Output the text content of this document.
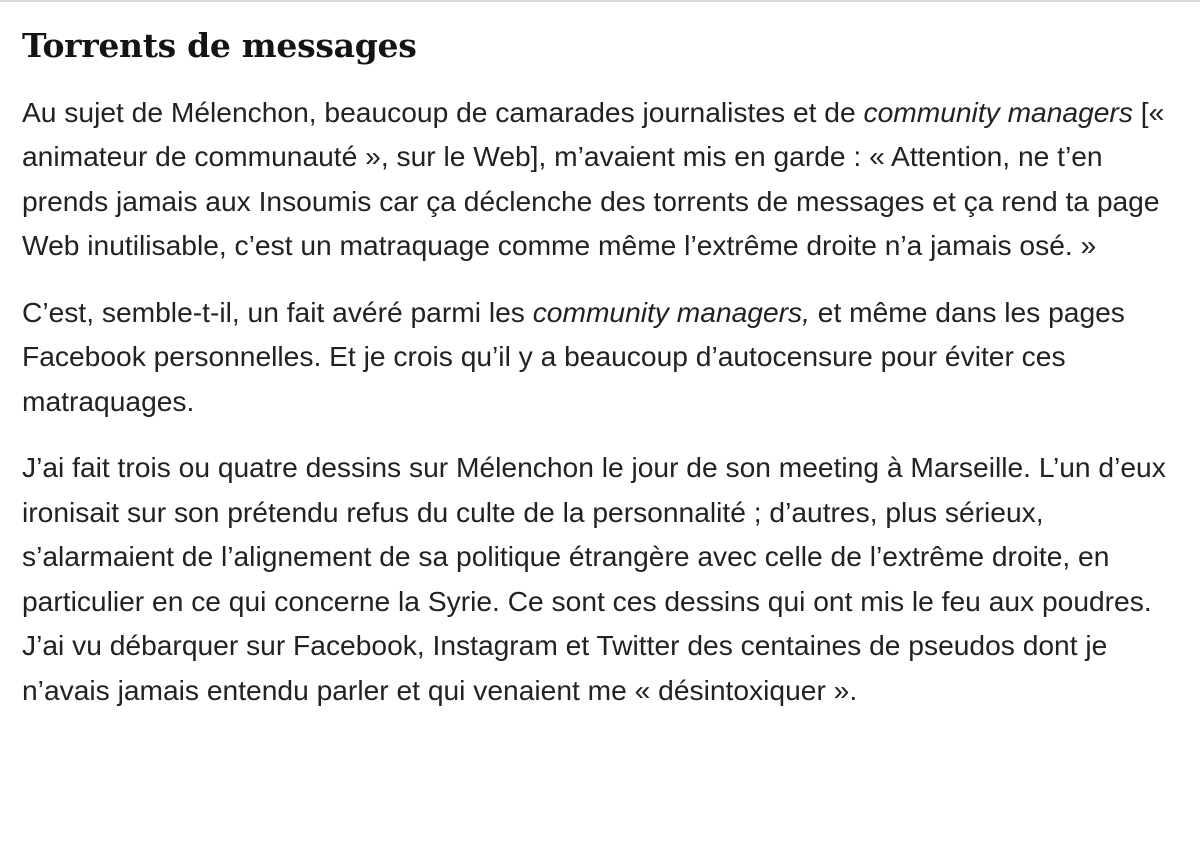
Torrents de messages

Au sujet de Mélenchon, beaucoup de camarades journalistes et de community managers [« animateur de communauté », sur le Web], m’avaient mis en garde : « Attention, ne t’en prends jamais aux Insoumis car ça déclenche des torrents de messages et ça rend ta page Web inutilisable, c’est un matraquage comme même l’extrême droite n’a jamais osé. »

C’est, semble-t-il, un fait avéré parmi les community managers, et même dans les pages Facebook personnelles. Et je crois qu’il y a beaucoup d’autocensure pour éviter ces matraquages.

J’ai fait trois ou quatre dessins sur Mélenchon le jour de son meeting à Marseille. L’un d’eux ironisait sur son prétendu refus du culte de la personnalité ; d’autres, plus sérieux, s’alarmaient de l’alignement de sa politique étrangère avec celle de l’extrême droite, en particulier en ce qui concerne la Syrie. Ce sont ces dessins qui ont mis le feu aux poudres. J’ai vu débarquer sur Facebook, Instagram et Twitter des centaines de pseudos dont je n’avais jamais entendu parler et qui venaient me « désintoxiquer ».
